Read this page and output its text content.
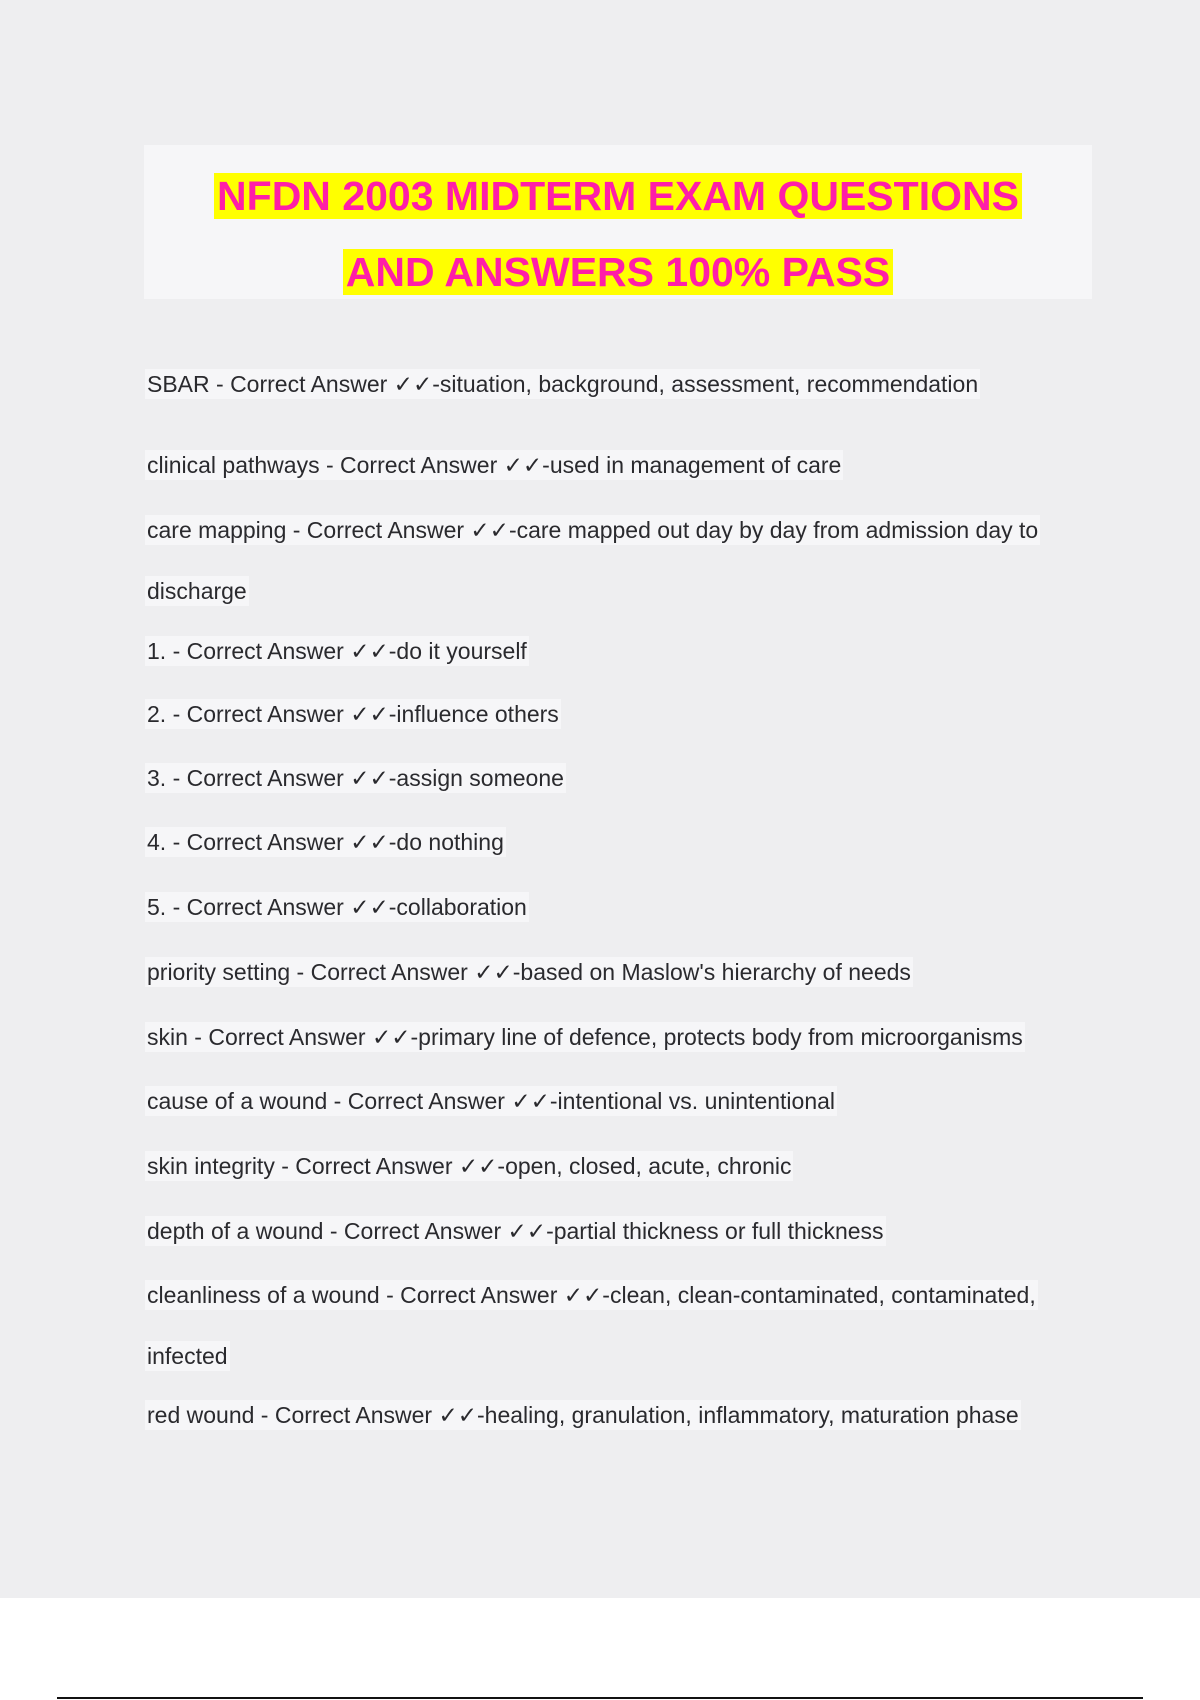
NFDN 2003 MIDTERM EXAM QUESTIONS
AND ANSWERS 100% PASS
SBAR - Correct Answer ✓✓-situation, background, assessment, recommendation
clinical pathways - Correct Answer ✓✓-used in management of care
care mapping - Correct Answer ✓✓-care mapped out day by day from admission day to
discharge
1. - Correct Answer ✓✓-do it yourself
2. - Correct Answer ✓✓-influence others
3. - Correct Answer ✓✓-assign someone
4. - Correct Answer ✓✓-do nothing
5. - Correct Answer ✓✓-collaboration
priority setting - Correct Answer ✓✓-based on Maslow's hierarchy of needs
skin - Correct Answer ✓✓-primary line of defence, protects body from microorganisms
cause of a wound - Correct Answer ✓✓-intentional vs. unintentional
skin integrity - Correct Answer ✓✓-open, closed, acute, chronic
depth of a wound - Correct Answer ✓✓-partial thickness or full thickness
cleanliness of a wound - Correct Answer ✓✓-clean, clean-contaminated, contaminated,
infected
red wound - Correct Answer ✓✓-healing, granulation, inflammatory, maturation phase
